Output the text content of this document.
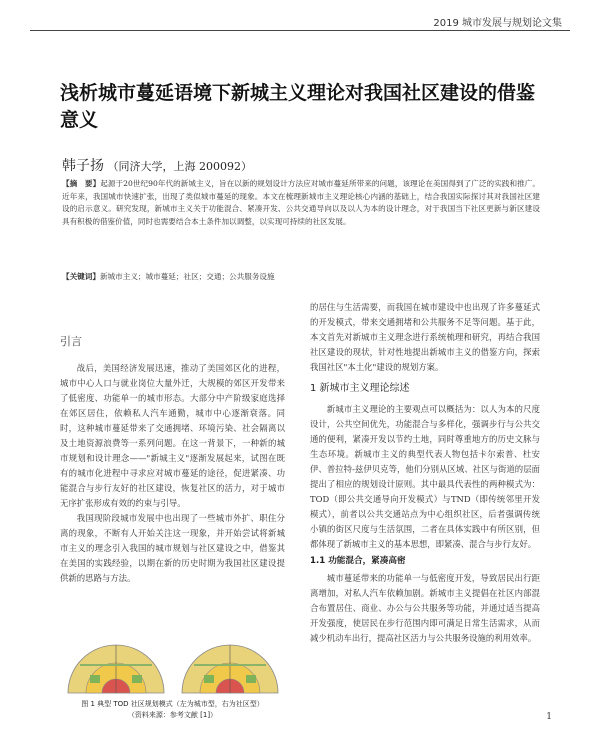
2019 城市发展与规划论文集
浅析城市蔓延语境下新城主义理论对我国社区建设的借鉴意义
韩子扬 （同济大学，上海 200092）
【摘　要】起源于20世纪90年代的新城主义，旨在以新的规划设计方法应对城市蔓延所带来的问题，该理论在美国得到了广泛的实践和推广。近年来，我国城市快速扩张，出现了类似城市蔓延的现象。本文在梳理新城市主义理论核心内涵的基础上，结合我国实际探讨其对我国社区建设的启示意义。研究发现，新城市主义关于功能混合、紧凑开发、公共交通导向以及以人为本的设计理念，对于我国当下社区更新与新区建设具有积极的借鉴价值，同时也需要结合本土条件加以调整，以实现可持续的社区发展。
【关键词】新城市主义；城市蔓延；社区；交通；公共服务设施
引言

战后，美国经济发展迅速，推动了美国郊区化的进程，城市中心人口与就业岗位大量外迁，大规模的郊区开发带来了低密度、功能单一的城市形态。大部分中产阶级家庭选择在郊区居住，依赖私人汽车通勤，城市中心逐渐衰落。同时，这种城市蔓延带来了交通拥堵、环境污染、社会隔离以及土地资源浪费等一系列问题。在这一背景下，一种新的城市规划和设计理念——"新城主义"逐渐发展起来，试图在既有的城市化进程中寻求应对城市蔓延的途径，促进紧凑、功能混合与步行友好的社区建设，恢复社区的活力，对于城市无序扩张形成有效的约束与引导。

我国现阶段城市发展中也出现了一些城市外扩、职住分离的现象，不断有人开始关注这一现象，并开始尝试将新城市主义的理念引入我国的城市规划与社区建设之中，借鉴其在美国的实践经验，以期在新的历史时期为我国社区建设提供新的思路与方法。

图 1 典型 TOD 社区规划模式（左为城市型，右为社区型）
（资料来源：参考文献 [1]）

的居住与生活需要，而我国在城市建设中也出现了许多蔓延式的开发模式，带来交通拥堵和公共服务不足等问题。基于此，本文首先对新城市主义理念进行系统梳理和研究，再结合我国社区建设的现状，针对性地提出新城市主义的借鉴方向，探索我国社区"本土化"建设的规划方案。

1 新城市主义理论综述

新城市主义理论的主要观点可以概括为：以人为本的尺度设计，公共空间优先，功能混合与多样化，强调步行与公共交通的便利，紧凑开发以节约土地，同时尊重地方的历史文脉与生态环境。新城市主义的典型代表人物包括卡尔索普、杜安伊、普拉特-兹伊贝克等，他们分别从区域、社区与街道的层面提出了相应的规划设计原则。其中最具代表性的两种模式为：TOD（即公共交通导向开发模式）与TND（即传统邻里开发模式），前者以公共交通站点为中心组织社区，后者强调传统小镇的街区尺度与生活氛围，二者在具体实践中有所区别，但都体现了新城市主义的基本思想，即紧凑、混合与步行友好。

1.1 功能混合，紧凑高密

城市蔓延带来的功能单一与低密度开发，导致居民出行距离增加，对私人汽车依赖加剧。新城市主义提倡在社区内部混合布置居住、商业、办公与公共服务等功能，并通过适当提高开发强度，使居民在步行范围内即可满足日常生活需求，从而减少机动车出行，提高社区活力与公共服务设施的利用效率。

1
